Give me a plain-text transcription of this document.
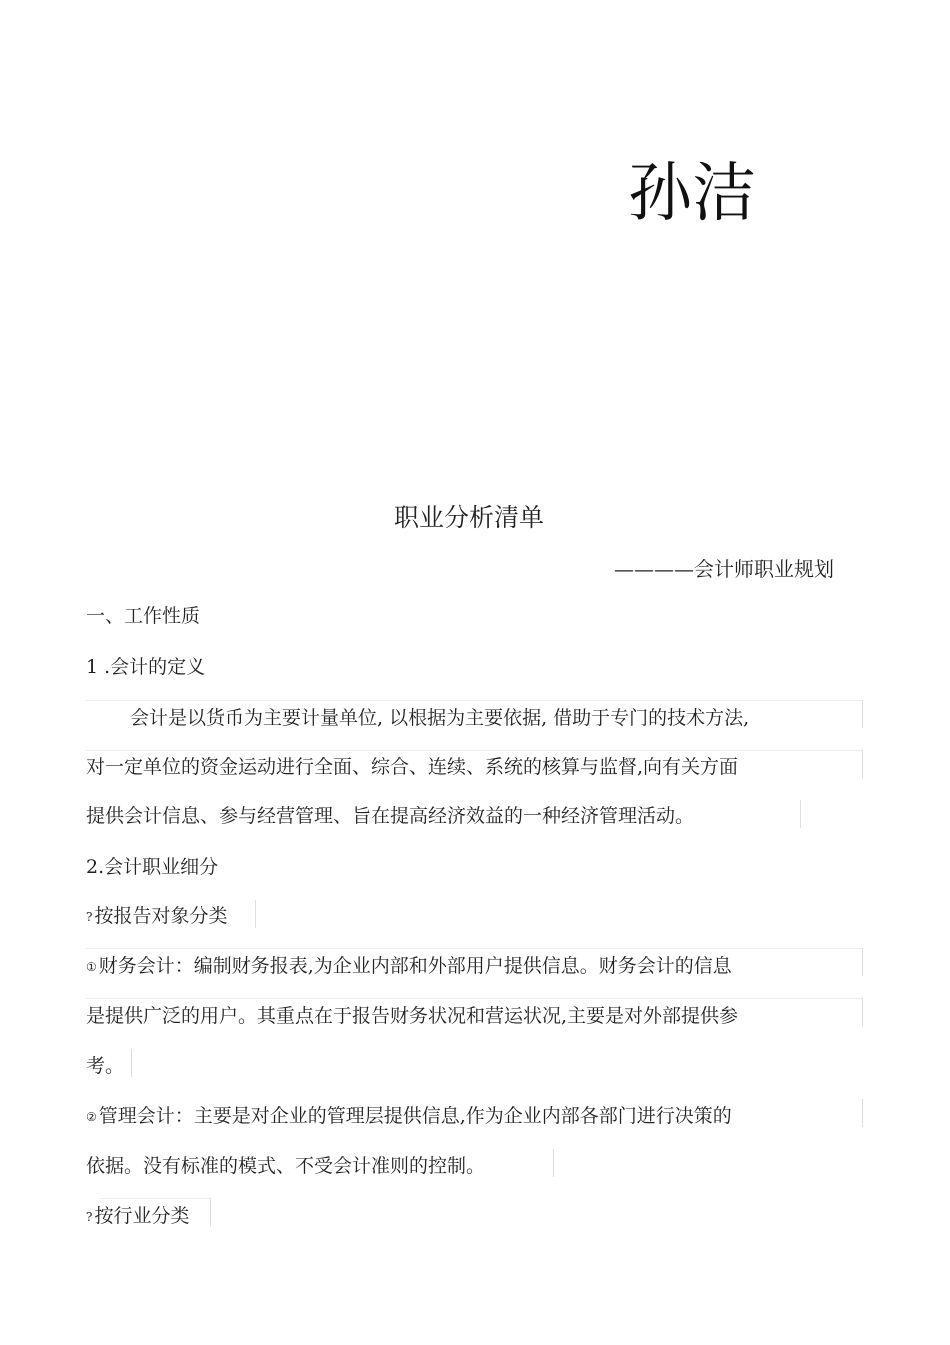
孙洁
职业分析清单
————会计师职业规划
一、工作性质
1 .会计的定义
会计是以货币为主要计量单位, 以根据为主要依据, 借助于专门的技术方法,
对一定单位的资金运动进行全面、综合、连续、系统的核算与监督,向有关方面
提供会计信息、参与经营管理、旨在提高经济效益的一种经济管理活动。
2.会计职业细分
? 按报告对象分类
① 财务会计：编制财务报表,为企业内部和外部用户提供信息。财务会计的信息
是提供广泛的用户。其重点在于报告财务状况和营运状况,主要是对外部提供参
考。
② 管理会计：主要是对企业的管理层提供信息,作为企业内部各部门进行决策的
依据。没有标准的模式、不受会计准则的控制。
? 按行业分类
